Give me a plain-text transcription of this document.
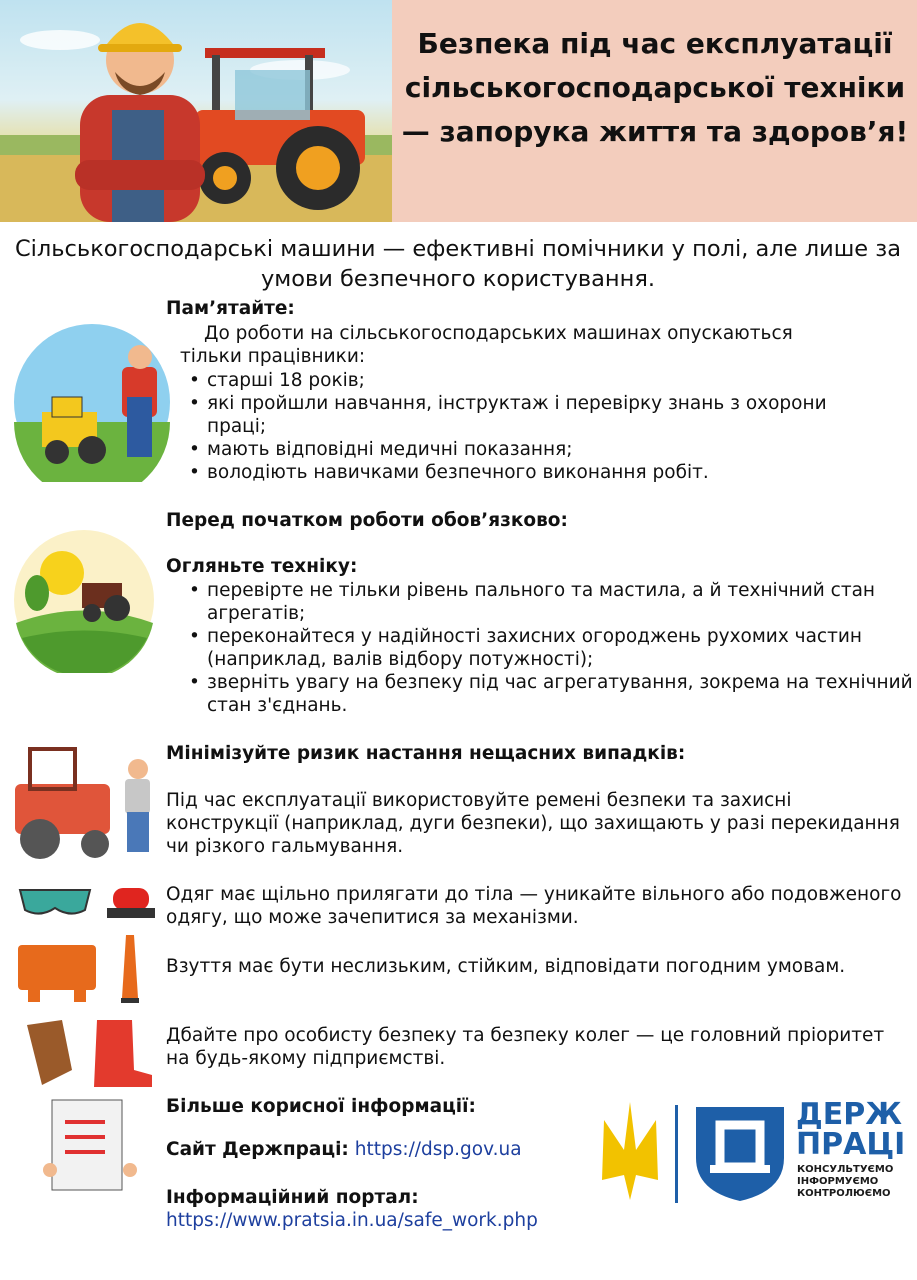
Безпека під час експлуатації сільськогосподарської техніки — запорука життя та здоров’я!
Сільськогосподарські машини — ефективні помічники у полі, але лише за умови безпечного користування.
Пам’ятайте:
До роботи на сільськогосподарських машинах опускаються тільки працівники:
• старші 18 років;
• які пройшли навчання, інструктаж і перевірку знань з охорони праці;
• мають відповідні медичні показання;
• володіють навичками безпечного виконання робіт.
Перед початком роботи обов’язково:
Огляньте техніку:
• перевірте не тільки рівень пального та мастила, а й технічний стан агрегатів;
• переконайтеся у надійності захисних огороджень рухомих частин (наприклад, валів відбору потужності);
• зверніть увагу на безпеку під час агрегатування, зокрема на технічний стан з'єднань.
Мінімізуйте ризик настання нещасних випадків:
Під час експлуатації використовуйте ремені безпеки та захисні конструкції (наприклад, дуги безпеки), що захищають у разі перекидання чи різкого гальмування.
Одяг має щільно прилягати до тіла — уникайте вільного або подовженого одягу, що може зачепитися за механізми.
Взуття має бути неслизьким, стійким, відповідати погодним умовам.
Дбайте про особисту безпеку та безпеку колег — це головний пріоритет на будь-якому підприємстві.
Більше корисної інформації:
Сайт Держпраці: https://dsp.gov.ua
Інформаційний портал:
https://www.pratsia.in.ua/safe_work.php
ДЕРЖ
ПРАЦІ
КОНСУЛЬТУЄМО
ІНФОРМУЄМО
КОНТРОЛЮЄМО
